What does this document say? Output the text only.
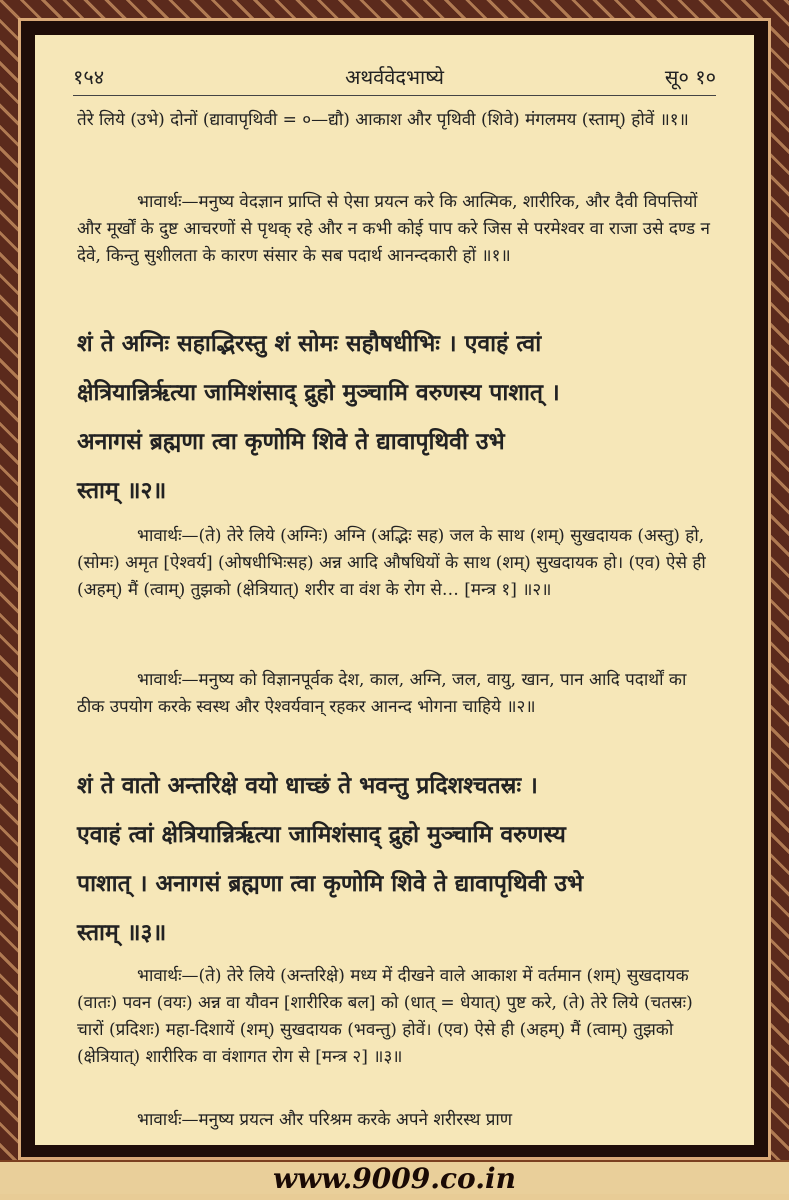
१५४	अथर्ववेदभाष्ये	सू० १०
तेरे लिये (उभे) दोनों (द्यावापृथिवी = ०—द्यौ) आकाश और पृथिवी (शिवे) मंगलमय (स्ताम्) होवें ॥१॥
भावार्थः—मनुष्य वेदज्ञान प्राप्ति से ऐसा प्रयत्न करे कि आत्मिक, शारीरिक, और दैवी विपत्तियों और मूर्खों के दुष्ट आचरणों से पृथक् रहे और न कभी कोई पाप करे जिस से परमेश्वर वा राजा उसे दण्ड न देवे, किन्तु सुशीलता के कारण संसार के सब पदार्थ आनन्दकारी हों ॥१॥
शं ते अग्निः सहाद्भिरस्तु शं सोमः सहौषधीभिः । एवाहं त्वां
क्षेत्रियान्निर्ऋत्या जामिशंसाद् द्रुहो मुञ्चामि वरुणस्य पाशात् ।
अनागसं ब्रह्मणा त्वा कृणोमि शिवे ते द्यावापृथिवी उभे
स्ताम् ॥२॥
भावार्थः—(ते) तेरे लिये (अग्निः) अग्नि (अद्भिः सह) जल के साथ (शम्) सुखदायक (अस्तु) हो, (सोमः) अमृत [ऐश्वर्य] (ओषधीभिःसह) अन्न आदि औषधियों के साथ (शम्) सुखदायक हो। (एव) ऐसे ही (अहम्) मैं (त्वाम्) तुझको (क्षेत्रियात्) शरीर वा वंश के रोग से… [मन्त्र १] ॥२॥
भावार्थः—मनुष्य को विज्ञानपूर्वक देश, काल, अग्नि, जल, वायु, खान, पान आदि पदार्थों का ठीक उपयोग करके स्वस्थ और ऐश्वर्यवान् रहकर आनन्द भोगना चाहिये ॥२॥
शं ते वातो अन्तरिक्षे वयो धाच्छं ते भवन्तु प्रदिशश्चतस्रः ।
एवाहं त्वां क्षेत्रियान्निर्ऋत्या जामिशंसाद् द्रुहो मुञ्चामि वरुणस्य
पाशात् । अनागसं ब्रह्मणा त्वा कृणोमि शिवे ते द्यावापृथिवी उभे
स्ताम् ॥३॥
भावार्थः—(ते) तेरे लिये (अन्तरिक्षे) मध्य में दीखने वाले आकाश में वर्तमान (शम्) सुखदायक (वातः) पवन (वयः) अन्न वा यौवन [शारीरिक बल] को (धात् = धेयात्) पुष्ट करे, (ते) तेरे लिये (चतस्रः) चारों (प्रदिशः) महा-दिशायें (शम्) सुखदायक (भवन्तु) होवें। (एव) ऐसे ही (अहम्) मैं (त्वाम्) तुझको (क्षेत्रियात्) शारीरिक वा वंशागत रोग से [मन्त्र २] ॥३॥
भावार्थः—मनुष्य प्रयत्न और परिश्रम करके अपने शरीरस्थ प्राण
www.9009.co.in
